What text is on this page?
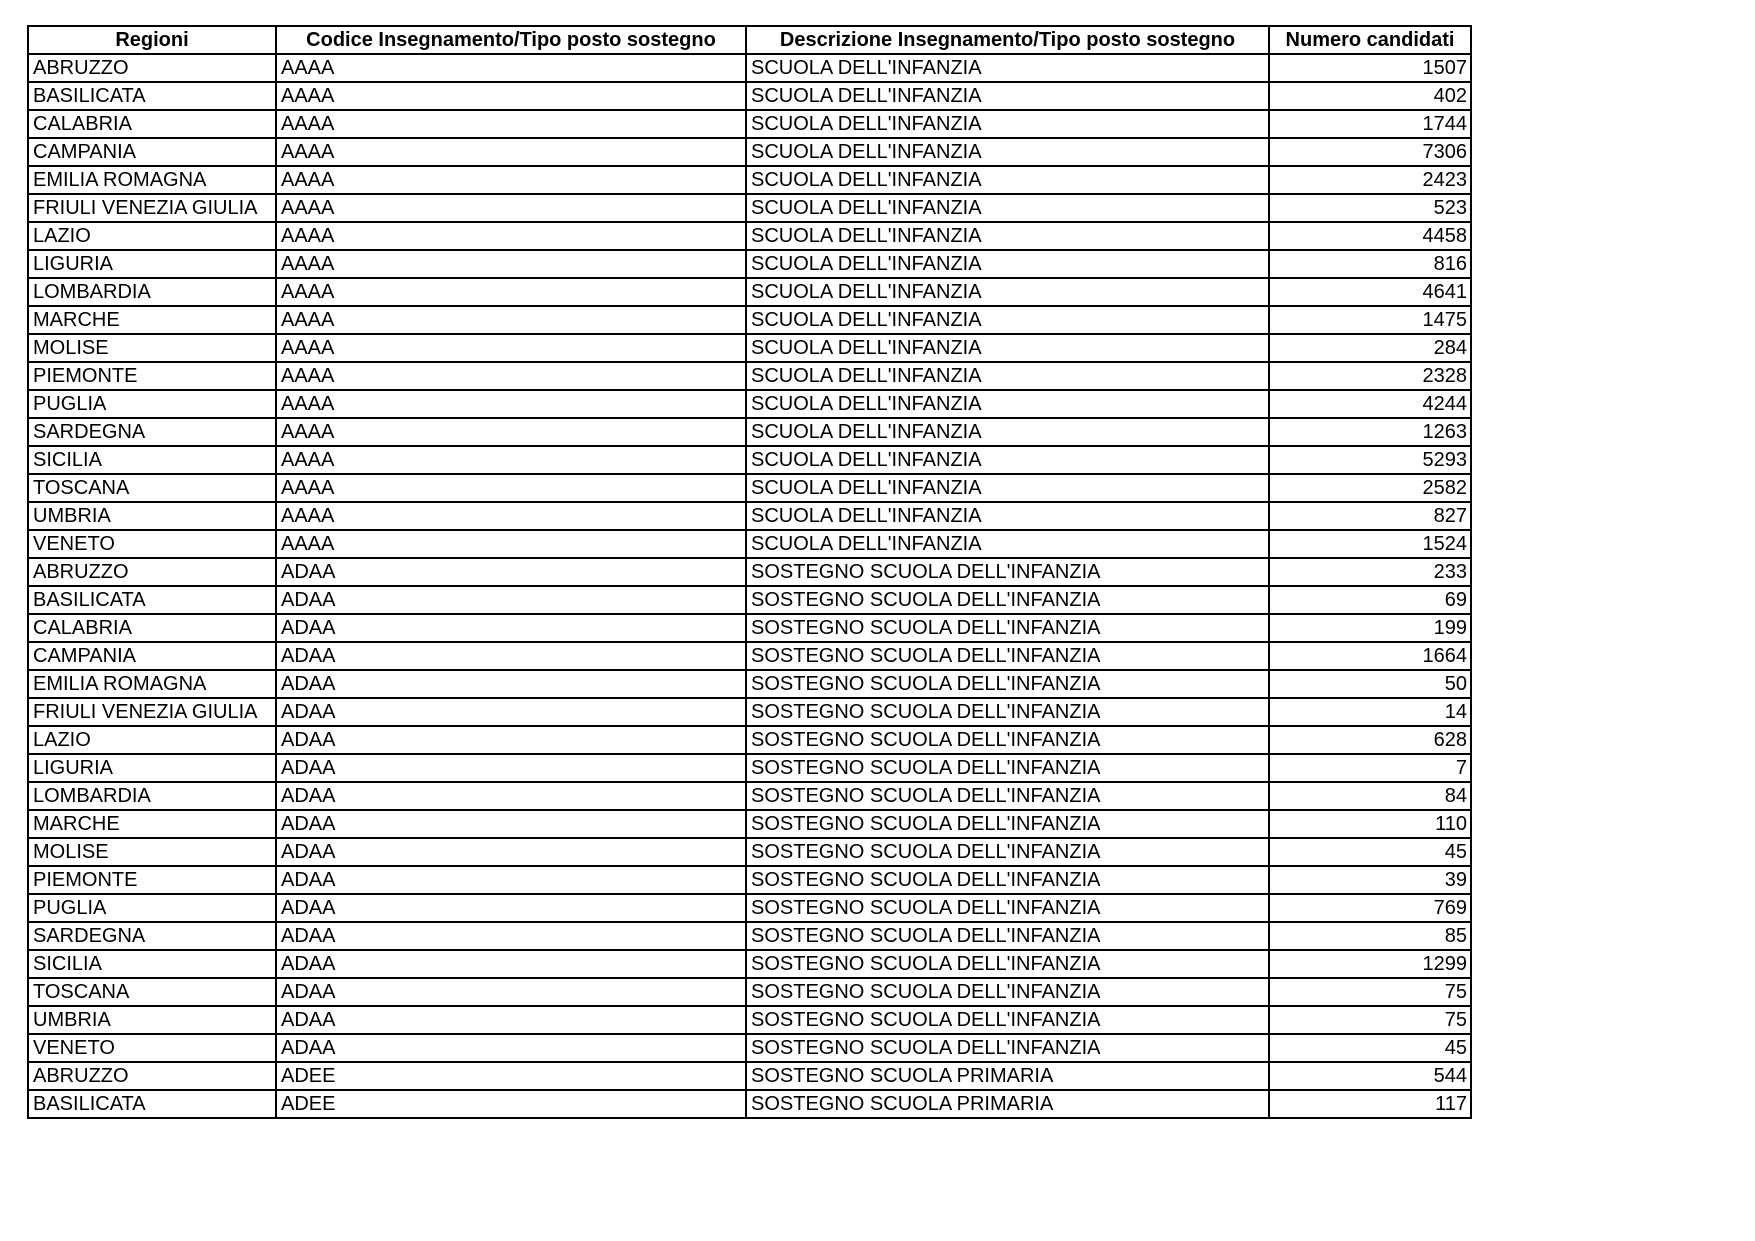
Regioni	Codice Insegnamento/Tipo posto sostegno	Descrizione Insegnamento/Tipo posto sostegno	Numero candidati
ABRUZZO	AAAA	SCUOLA DELL'INFANZIA	1507
BASILICATA	AAAA	SCUOLA DELL'INFANZIA	402
CALABRIA	AAAA	SCUOLA DELL'INFANZIA	1744
CAMPANIA	AAAA	SCUOLA DELL'INFANZIA	7306
EMILIA ROMAGNA	AAAA	SCUOLA DELL'INFANZIA	2423
FRIULI VENEZIA GIULIA	AAAA	SCUOLA DELL'INFANZIA	523
LAZIO	AAAA	SCUOLA DELL'INFANZIA	4458
LIGURIA	AAAA	SCUOLA DELL'INFANZIA	816
LOMBARDIA	AAAA	SCUOLA DELL'INFANZIA	4641
MARCHE	AAAA	SCUOLA DELL'INFANZIA	1475
MOLISE	AAAA	SCUOLA DELL'INFANZIA	284
PIEMONTE	AAAA	SCUOLA DELL'INFANZIA	2328
PUGLIA	AAAA	SCUOLA DELL'INFANZIA	4244
SARDEGNA	AAAA	SCUOLA DELL'INFANZIA	1263
SICILIA	AAAA	SCUOLA DELL'INFANZIA	5293
TOSCANA	AAAA	SCUOLA DELL'INFANZIA	2582
UMBRIA	AAAA	SCUOLA DELL'INFANZIA	827
VENETO	AAAA	SCUOLA DELL'INFANZIA	1524
ABRUZZO	ADAA	SOSTEGNO SCUOLA DELL'INFANZIA	233
BASILICATA	ADAA	SOSTEGNO SCUOLA DELL'INFANZIA	69
CALABRIA	ADAA	SOSTEGNO SCUOLA DELL'INFANZIA	199
CAMPANIA	ADAA	SOSTEGNO SCUOLA DELL'INFANZIA	1664
EMILIA ROMAGNA	ADAA	SOSTEGNO SCUOLA DELL'INFANZIA	50
FRIULI VENEZIA GIULIA	ADAA	SOSTEGNO SCUOLA DELL'INFANZIA	14
LAZIO	ADAA	SOSTEGNO SCUOLA DELL'INFANZIA	628
LIGURIA	ADAA	SOSTEGNO SCUOLA DELL'INFANZIA	7
LOMBARDIA	ADAA	SOSTEGNO SCUOLA DELL'INFANZIA	84
MARCHE	ADAA	SOSTEGNO SCUOLA DELL'INFANZIA	110
MOLISE	ADAA	SOSTEGNO SCUOLA DELL'INFANZIA	45
PIEMONTE	ADAA	SOSTEGNO SCUOLA DELL'INFANZIA	39
PUGLIA	ADAA	SOSTEGNO SCUOLA DELL'INFANZIA	769
SARDEGNA	ADAA	SOSTEGNO SCUOLA DELL'INFANZIA	85
SICILIA	ADAA	SOSTEGNO SCUOLA DELL'INFANZIA	1299
TOSCANA	ADAA	SOSTEGNO SCUOLA DELL'INFANZIA	75
UMBRIA	ADAA	SOSTEGNO SCUOLA DELL'INFANZIA	75
VENETO	ADAA	SOSTEGNO SCUOLA DELL'INFANZIA	45
ABRUZZO	ADEE	SOSTEGNO SCUOLA PRIMARIA	544
BASILICATA	ADEE	SOSTEGNO SCUOLA PRIMARIA	117
